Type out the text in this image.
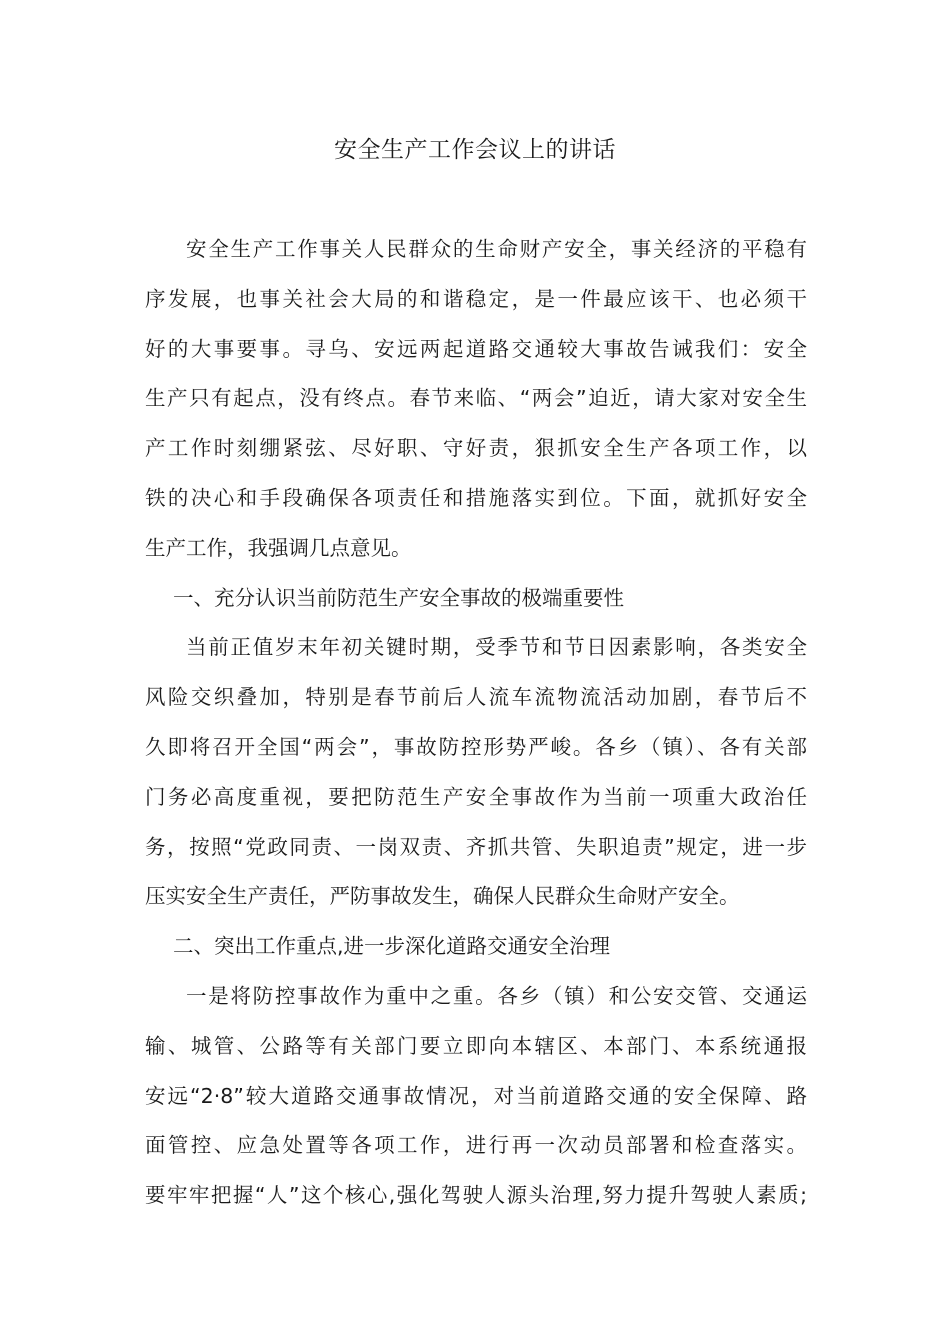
安全生产工作会议上的讲话

安全生产工作事关人民群众的生命财产安全，事关经济的平稳有
序发展，也事关社会大局的和谐稳定，是一件最应该干、也必须干
好的大事要事。寻乌、安远两起道路交通较大事故告诫我们：安全
生产只有起点，没有终点。春节来临、“两会”迫近，请大家对安全生
产工作时刻绷紧弦、尽好职、守好责，狠抓安全生产各项工作，以
铁的决心和手段确保各项责任和措施落实到位。下面，就抓好安全
生产工作，我强调几点意见。

一、充分认识当前防范生产安全事故的极端重要性

当前正值岁末年初关键时期，受季节和节日因素影响，各类安全
风险交织叠加，特别是春节前后人流车流物流活动加剧，春节后不
久即将召开全国“两会”，事故防控形势严峻。各乡（镇）、各有关部
门务必高度重视，要把防范生产安全事故作为当前一项重大政治任
务，按照“党政同责、一岗双责、齐抓共管、失职追责”规定，进一步
压实安全生产责任，严防事故发生，确保人民群众生命财产安全。

二、突出工作重点,进一步深化道路交通安全治理

一是将防控事故作为重中之重。各乡（镇）和公安交管、交通运
输、城管、公路等有关部门要立即向本辖区、本部门、本系统通报
安远“2·8”较大道路交通事故情况，对当前道路交通的安全保障、路
面管控、应急处置等各项工作，进行再一次动员部署和检查落实。
要牢牢把握“人”这个核心,强化驾驶人源头治理,努力提升驾驶人素质;
